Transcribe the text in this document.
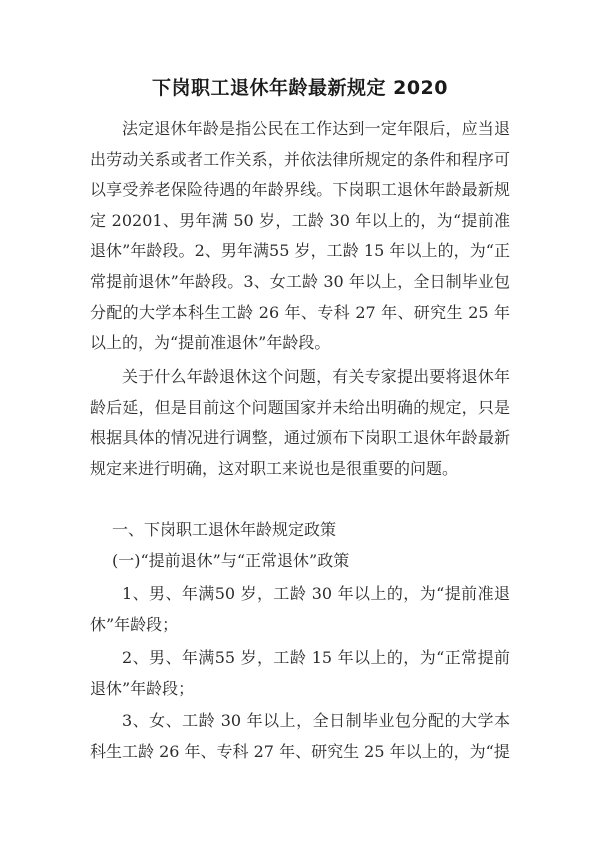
下岗职工退休年龄最新规定 2020

法定退休年龄是指公民在工作达到一定年限后，应当退出劳动关系或者工作关系，并依法律所规定的条件和程序可以享受养老保险待遇的年龄界线。下岗职工退休年龄最新规定 20201、男年满 50 岁，工龄 30 年以上的，为“提前准退休”年龄段。2、男年满55 岁，工龄 15 年以上的，为“正常提前退休”年龄段。3、女工龄 30 年以上，全日制毕业包分配的大学本科生工龄 26 年、专科 27 年、研究生 25 年以上的，为“提前准退休”年龄段。

关于什么年龄退休这个问题，有关专家提出要将退休年龄后延，但是目前这个问题国家并未给出明确的规定，只是根据具体的情况进行调整，通过颁布下岗职工退休年龄最新规定来进行明确，这对职工来说也是很重要的问题。

一、下岗职工退休年龄规定政策
(一)“提前退休”与“正常退休”政策

1、男、年满50 岁，工龄 30 年以上的，为“提前准退休”年龄段；

2、男、年满55 岁，工龄 15 年以上的，为“正常提前退休”年龄段；

3、女、工龄 30 年以上，全日制毕业包分配的大学本科生工龄 26 年、专科 27 年、研究生 25 年以上的，为“提
